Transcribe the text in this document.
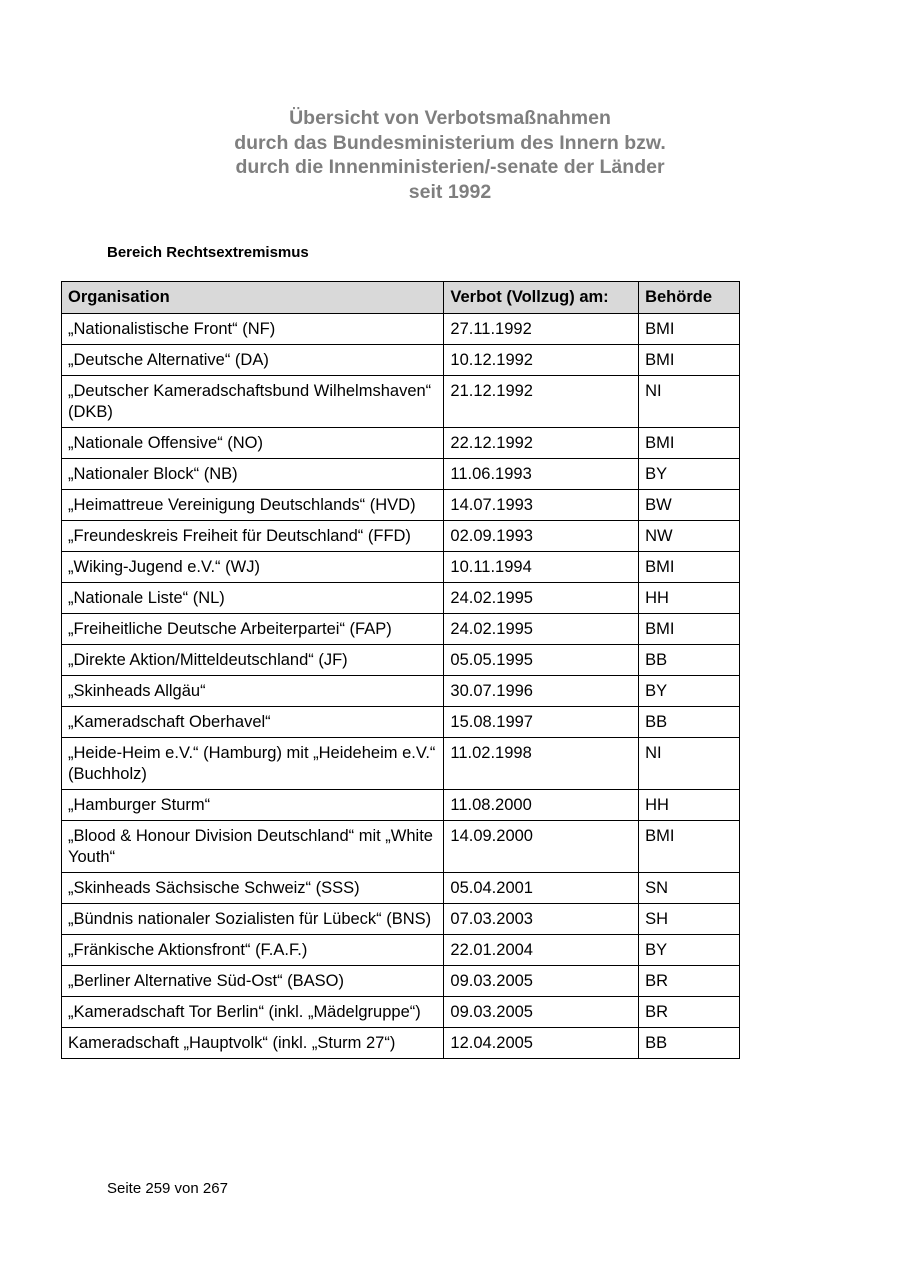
Übersicht von Verbotsmaßnahmen
durch das Bundesministerium des Innern bzw.
durch die Innenministerien/-senate der Länder
seit 1992
Bereich Rechtsextremismus
Organisation	Verbot (Vollzug) am:	Behörde
„Nationalistische Front“ (NF)	27.11.1992	BMI
„Deutsche Alternative“ (DA)	10.12.1992	BMI
„Deutscher Kameradschaftsbund Wilhelmshaven“ (DKB)	21.12.1992	NI
„Nationale Offensive“ (NO)	22.12.1992	BMI
„Nationaler Block“ (NB)	11.06.1993	BY
„Heimattreue Vereinigung Deutschlands“ (HVD)	14.07.1993	BW
„Freundeskreis Freiheit für Deutschland“ (FFD)	02.09.1993	NW
„Wiking-Jugend e.V.“ (WJ)	10.11.1994	BMI
„Nationale Liste“ (NL)	24.02.1995	HH
„Freiheitliche Deutsche Arbeiterpartei“ (FAP)	24.02.1995	BMI
„Direkte Aktion/Mitteldeutschland“ (JF)	05.05.1995	BB
„Skinheads Allgäu“	30.07.1996	BY
„Kameradschaft Oberhavel“	15.08.1997	BB
„Heide-Heim e.V.“ (Hamburg) mit „Heideheim e.V.“ (Buchholz)	11.02.1998	NI
„Hamburger Sturm“	11.08.2000	HH
„Blood & Honour Division Deutschland“ mit „White Youth“	14.09.2000	BMI
„Skinheads Sächsische Schweiz“ (SSS)	05.04.2001	SN
„Bündnis nationaler Sozialisten für Lübeck“ (BNS)	07.03.2003	SH
„Fränkische Aktionsfront“ (F.A.F.)	22.01.2004	BY
„Berliner Alternative Süd-Ost“ (BASO)	09.03.2005	BR
„Kameradschaft Tor Berlin“ (inkl. „Mädelgruppe“)	09.03.2005	BR
Kameradschaft „Hauptvolk“ (inkl. „Sturm 27“)	12.04.2005	BB
Seite 259 von 267
